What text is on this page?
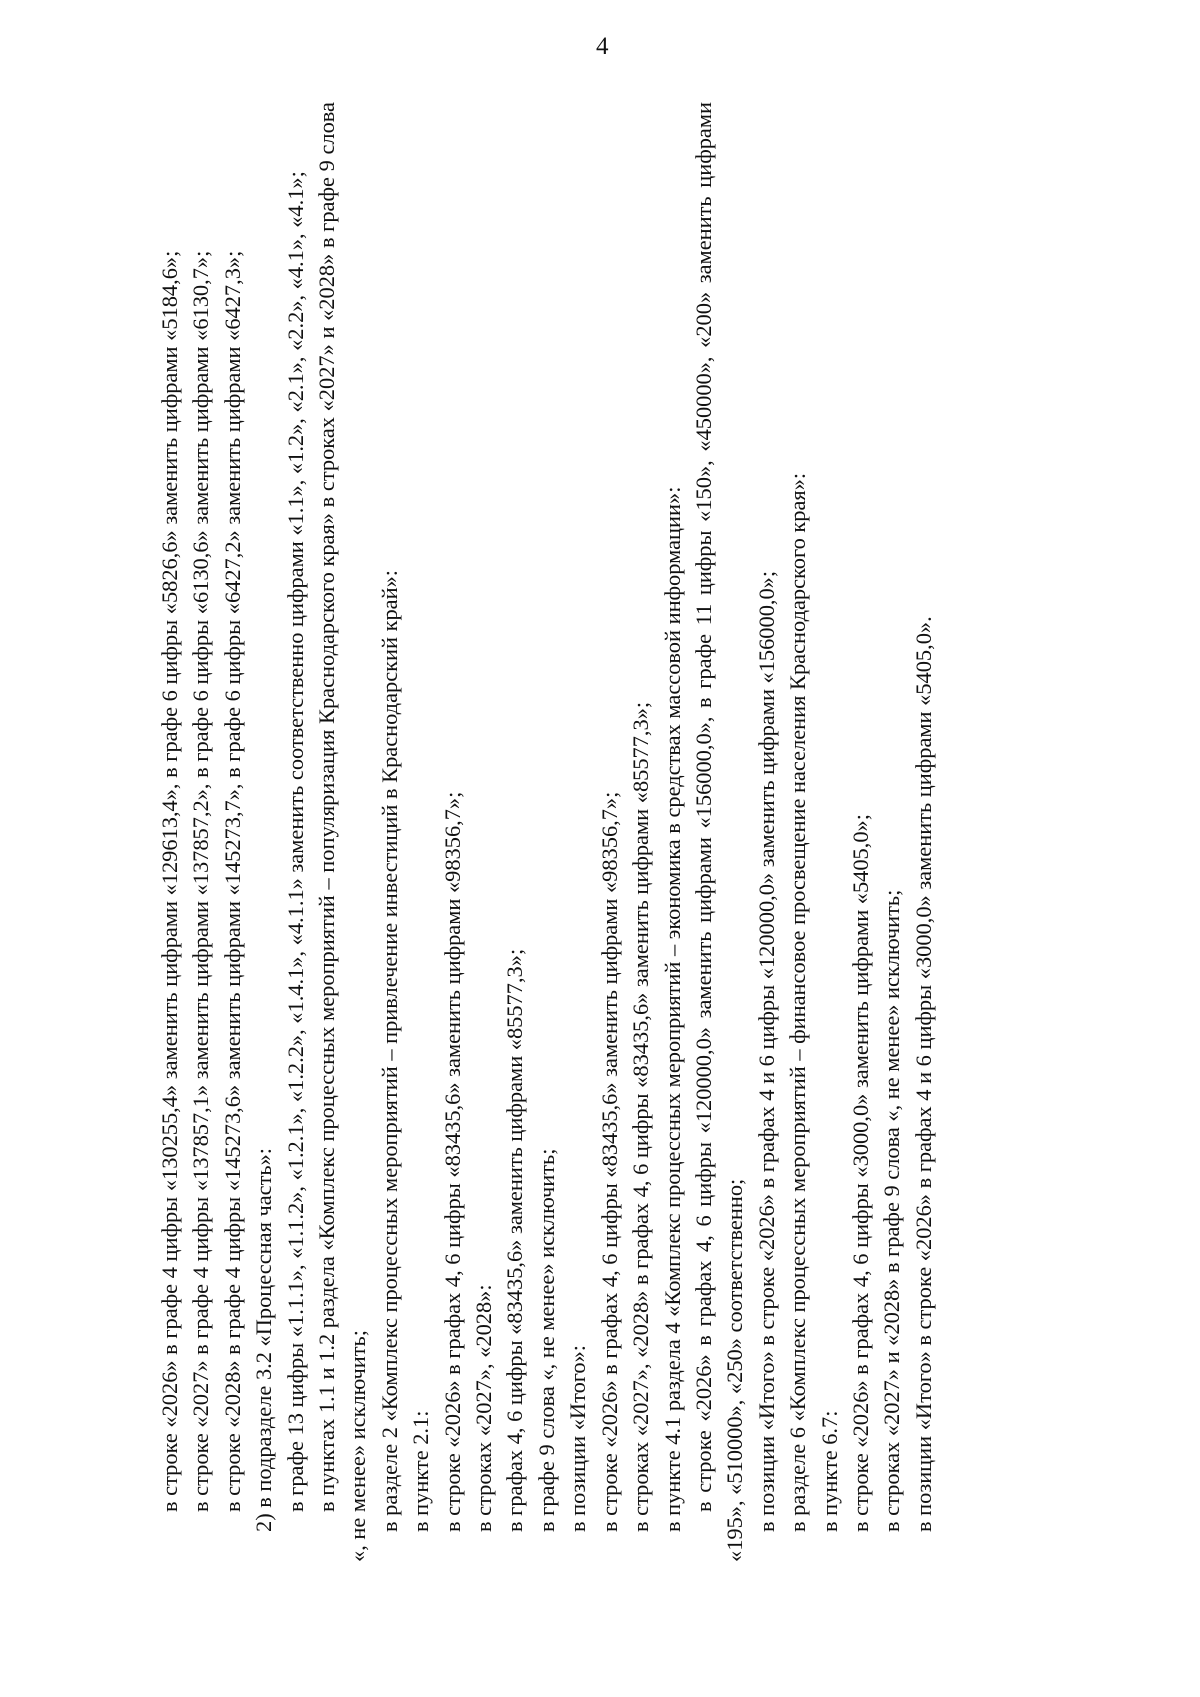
4

в строке «2026» в графе 4 цифры «130255,4» заменить цифрами «129613,4», в графе 6 цифры «5826,6» заменить цифрами «5184,6»; в строке «2027» в графе 4 цифры «137857,1» заменить цифрами «137857,2», в графе 6 цифры «6130,6» заменить цифрами «6130,7»; в строке «2028» в графе 4 цифры «145273,6» заменить цифрами «145273,7», в графе 6 цифры «6427,2» заменить цифрами «6427,3»; 2) в подразделе 3.2 «Процессная часть»: в графе 13 цифры «1.1.1», «1.1.2», «1.2.1», «1.2.2», «1.4.1», «4.1.1» заменить соответственно цифрами «1.1», «1.2», «2.1», «2.2», «4.1», «4.1»; в пунктах 1.1 и 1.2 раздела «Комплекс процессных мероприятий – популяризация Краснодарского края» в строках «2027» и «2028» в графе 9 слова «, не менее» исключить; в разделе 2 «Комплекс процессных мероприятий – привлечение инвестиций в Краснодарский край»: в пункте 2.1: в строке «2026» в графах 4, 6 цифры «83435,6» заменить цифрами «98356,7»; в строках «2027», «2028»: в графах 4, 6 цифры «83435,6» заменить цифрами «85577,3»; в графе 9 слова «, не менее» исключить; в позиции «Итого»: в строке «2026» в графах 4, 6 цифры «83435,6» заменить цифрами «98356,7»; в строках «2027», «2028» в графах 4, 6 цифры «83435,6» заменить цифрами «85577,3»; в пункте 4.1 раздела 4 «Комплекс процессных мероприятий – экономика в средствах массовой информации»: в строке «2026» в графах 4, 6 цифры «120000,0» заменить цифрами «156000,0», в графе 11 цифры «150», «450000», «200» заменить цифрами «195», «510000», «250» соответственно; в позиции «Итого» в строке «2026» в графах 4 и 6 цифры «120000,0» заменить цифрами «156000,0»; в разделе 6 «Комплекс процессных мероприятий – финансовое просвещение населения Краснодарского края»: в пункте 6.7: в строке «2026» в графах 4, 6 цифры «3000,0» заменить цифрами «5405,0»; в строках «2027» и «2028» в графе 9 слова «, не менее» исключить; в позиции «Итого» в строке «2026» в графах 4 и 6 цифры «3000,0» заменить цифрами «5405,0».
